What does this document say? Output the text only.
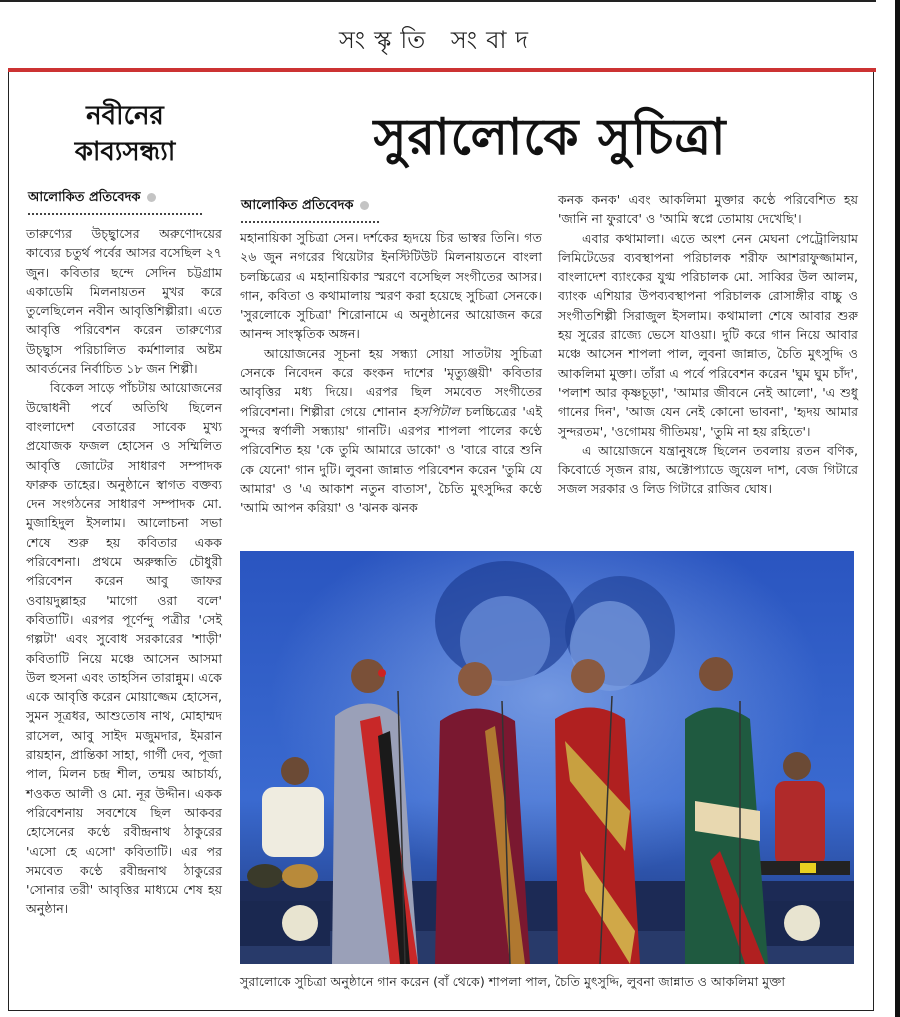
সংস্কৃতি সংবাদ
নবীনের
কাব্যসন্ধ্যা
আলোকিত প্রতিবেদক

তারুণ্যের উচ্ছ্বাসের অরুণোদয়ের কাব্যের চতুর্থ পর্বের আসর বসেছিল ২৭ জুন। কবিতার ছন্দে সেদিন চট্টগ্রাম একাডেমি মিলনায়তন মুখর করে তুলেছিলেন নবীন আবৃত্তিশিল্পীরা। এতে আবৃত্তি পরিবেশন করেন তারুণ্যের উচ্ছ্বাস পরিচালিত কর্মশালার অষ্টম আবর্তনের নির্বাচিত ১৮ জন শিল্পী।

বিকেল সাড়ে পাঁচটায় আয়োজনের উদ্বোধনী পর্বে অতিথি ছিলেন বাংলাদেশ বেতারের সাবেক মুখ্য প্রযোজক ফজল হোসেন ও সম্মিলিত আবৃত্তি জোটের সাধারণ সম্পাদক ফারুক তাহের। অনুষ্ঠানে স্বাগত বক্তব্য দেন সংগঠনের সাধারণ সম্পাদক মো. মুজাহিদুল ইসলাম। আলোচনা সভা শেষে শুরু হয় কবিতার একক পরিবেশনা। প্রথমে অরুন্ধতি চৌধুরী পরিবেশন করেন আবু জাফর ওবায়দুল্লাহর 'মাগো ওরা বলে' কবিতাটি। এরপর পূর্ণেন্দু পত্রীর 'সেই গল্পটা' এবং সুবোধ সরকারের 'শাড়ী' কবিতাটি নিয়ে মঞ্চে আসেন আসমা উল হুসনা এবং তাহসিন তারান্নুম। একে একে আবৃত্তি করেন মোয়াজ্জেম হোসেন, সুমন সূত্রধর, আশুতোষ নাথ, মোহাম্মদ রাসেল, আবু সাইদ মজুমদার, ইমরান রায়হান, প্রান্তিকা সাহা, গার্গী দেব, পূজা পাল, মিলন চন্দ্র শীল, তন্ময় আচার্য্য, শওকত আলী ও মো. নূর উদ্দীন। একক পরিবেশনায় সবশেষে ছিল আকবর হোসেনের কণ্ঠে রবীন্দ্রনাথ ঠাকুরের 'এসো হে এসো' কবিতাটি। এর পর সমবেত কণ্ঠে রবীন্দ্রনাথ ঠাকুরের 'সোনার তরী' আবৃত্তির মাধ্যমে শেষ হয় অনুষ্ঠান।

সুরালোকে সুচিত্রা
আলোকিত প্রতিবেদক

মহানায়িকা সুচিত্রা সেন। দর্শকের হৃদয়ে চির ভাস্বর তিনি। গত ২৬ জুন নগরের থিয়েটার ইনস্টিটিউট মিলনায়তনে বাংলা চলচ্চিত্রের এ মহানায়িকার স্মরণে বসেছিল সংগীতের আসর। গান, কবিতা ও কথামালায় স্মরণ করা হয়েছে সুচিত্রা সেনকে। 'সুরলোকে সুচিত্রা' শিরোনামে এ অনুষ্ঠানের আয়োজন করে আনন্দ সাংস্কৃতিক অঙ্গন।

আয়োজনের সূচনা হয় সন্ধ্যা সোয়া সাতটায় সুচিত্রা সেনকে নিবেদন করে কংকন দাশের 'মৃত্যুঞ্জয়ী' কবিতার আবৃত্তির মধ্য দিয়ে। এরপর ছিল সমবেত সংগীতের পরিবেশনা। শিল্পীরা গেয়ে শোনান হসপিটাল চলচ্চিত্রের 'এই সুন্দর স্বর্ণালী সন্ধ্যায়' গানটি। এরপর শাপলা পালের কণ্ঠে পরিবেশিত হয় 'কে তুমি আমারে ডাকো' ও 'বারে বারে শুনি কে যেনো' গান দুটি। লুবনা জান্নাত পরিবেশন করেন 'তুমি যে আমার' ও 'এ আকাশ নতুন বাতাস', চৈতি মুৎসুদ্দির কণ্ঠে 'আমি আপন করিয়া' ও 'ঝনক ঝনক

কনক কনক' এবং আকলিমা মুক্তার কণ্ঠে পরিবেশিত হয় 'জানি না ফুরাবে' ও 'আমি স্বপ্নে তোমায় দেখেছি'।

এবার কথামালা। এতে অংশ নেন মেঘনা পেট্রোলিয়াম লিমিটেডের ব্যবস্থাপনা পরিচালক শরীফ আশরাফুজ্জামান, বাংলাদেশ ব্যাংকের যুগ্ম পরিচালক মো. সাব্বির উল আলম, ব্যাংক এশিয়ার উপব্যবস্থাপনা পরিচালক রোসাঙ্গীর বাচ্চু ও সংগীতশিল্পী সিরাজুল ইসলাম। কথামালা শেষে আবার শুরু হয় সুরের রাজ্যে ভেসে যাওয়া। দুটি করে গান নিয়ে আবার মঞ্চে আসেন শাপলা পাল, লুবনা জান্নাত, চৈতি মুৎসুদ্দি ও আকলিমা মুক্তা। তাঁরা এ পর্বে পরিবেশন করেন 'ঘুম ঘুম চাঁদ', 'পলাশ আর কৃষ্ণচূড়া', 'আমার জীবনে নেই আলো', 'এ শুধু গানের দিন', 'আজ যেন নেই কোনো ভাবনা', 'হৃদয় আমার সুন্দরতম', 'ওগোময় গীতিময়', 'তুমি না হয় রহিতে'।

এ আয়োজনে যন্ত্রানুষঙ্গে ছিলেন তবলায় রতন বণিক, কিবোর্ডে সৃজন রায়, অক্টোপ্যাডে জুয়েল দাশ, বেজ গিটারে সজল সরকার ও লিড গিটারে রাজিব ঘোষ।

সুরালোকে সুচিত্রা অনুষ্ঠানে গান করেন (বাঁ থেকে) শাপলা পাল, চৈতি মুৎসুদ্দি, লুবনা জান্নাত ও আকলিমা মুক্তা
